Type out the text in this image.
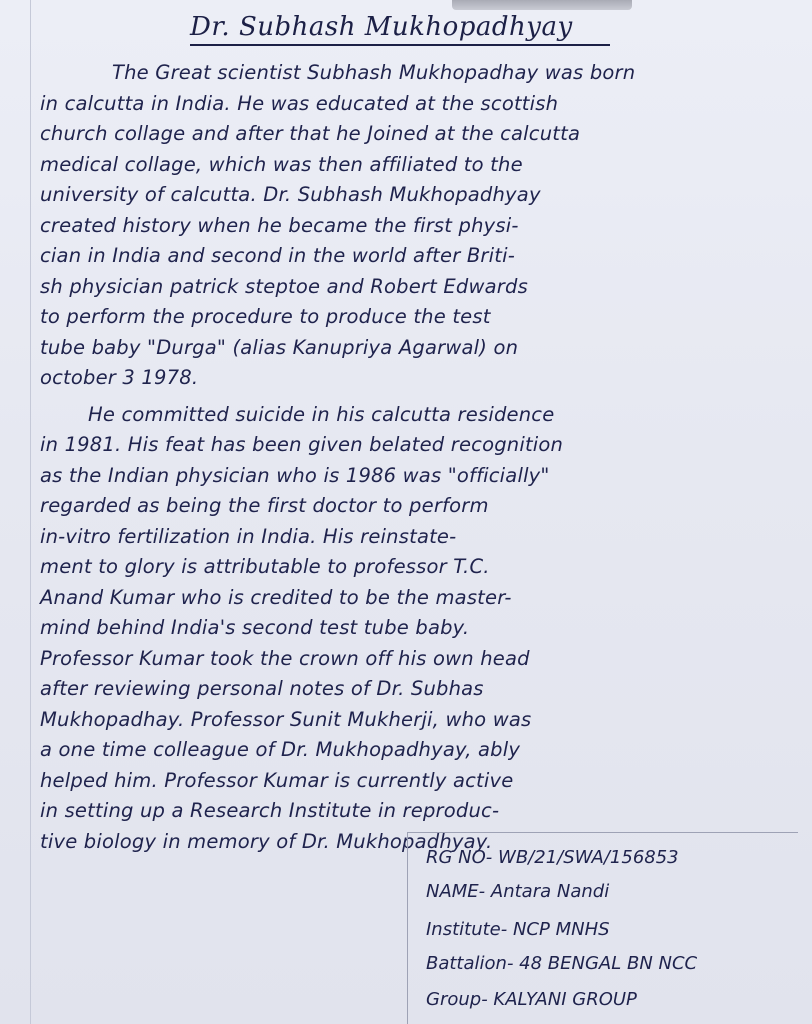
Dr. Subhash Mukhopadhyay
The Great scientist Subhash Mukhopadhay was born
in calcutta in India. He was educated at the scottish
church collage and after that he Joined at the calcutta
medical collage, which was then affiliated to the
university of calcutta. Dr. Subhash Mukhopadhyay
created history when he became the first physi-
cian in India and second in the world after Briti-
sh physician patrick steptoe and Robert Edwards
to perform the procedure to produce the test
tube baby "Durga" (alias Kanupriya Agarwal) on
october 3 1978.
He committed suicide in his calcutta residence
in 1981. His feat has been given belated recognition
as the Indian physician who is 1986 was "officially"
regarded as being the first doctor to perform
in-vitro fertilization in India. His reinstate-
ment to glory is attributable to professor T.C.
Anand Kumar who is credited to be the master-
mind behind India's second test tube baby.
Professor Kumar took the crown off his own head
after reviewing personal notes of Dr. Subhas
Mukhopadhay. Professor Sunit Mukherji, who was
a one time colleague of Dr. Mukhopadhyay, ably
helped him. Professor Kumar is currently active
in setting up a Research Institute in reproduc-
tive biology in memory of Dr. Mukhopadhyay.
RG NO- WB/21/SWA/156853
NAME- Antara Nandi
Institute- NCP MNHS
Battalion- 48 BENGAL BN NCC
Group- KALYANI GROUP
